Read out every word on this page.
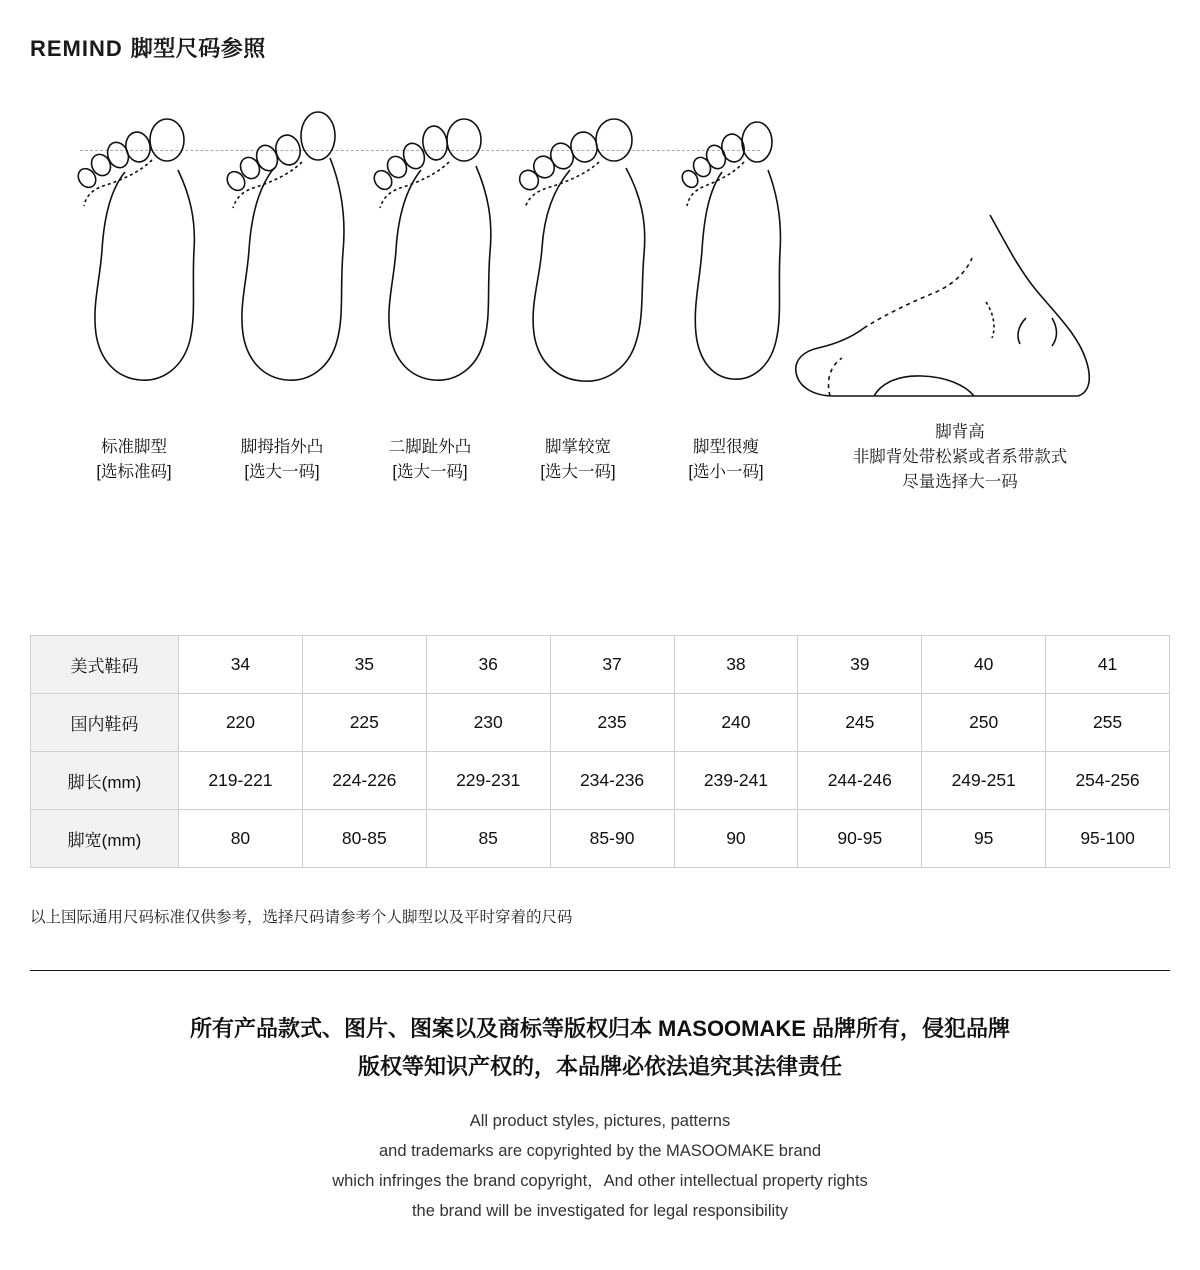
REMIND 脚型尺码参照
标准脚型
[选标准码]
脚拇指外凸
[选大一码]
二脚趾外凸
[选大一码]
脚掌较宽
[选大一码]
脚型很瘦
[选小一码]
脚背高
非脚背处带松紧或者系带款式
尽量选择大一码
美式鞋码	34	35	36	37	38	39	40	41
国内鞋码	220	225	230	235	240	245	250	255
脚长(mm)	219-221	224-226	229-231	234-236	239-241	244-246	249-251	254-256
脚宽(mm)	80	80-85	85	85-90	90	90-95	95	95-100
以上国际通用尺码标准仅供参考，选择尺码请参考个人脚型以及平时穿着的尺码
所有产品款式、图片、图案以及商标等版权归本 MASOOMAKE 品牌所有，侵犯品牌
版权等知识产权的，本品牌必依法追究其法律责任
All product styles, pictures, patterns
and trademarks are copyrighted by the MASOOMAKE brand
which infringes the brand copyright，And other intellectual property rights
the brand will be investigated for legal responsibility
